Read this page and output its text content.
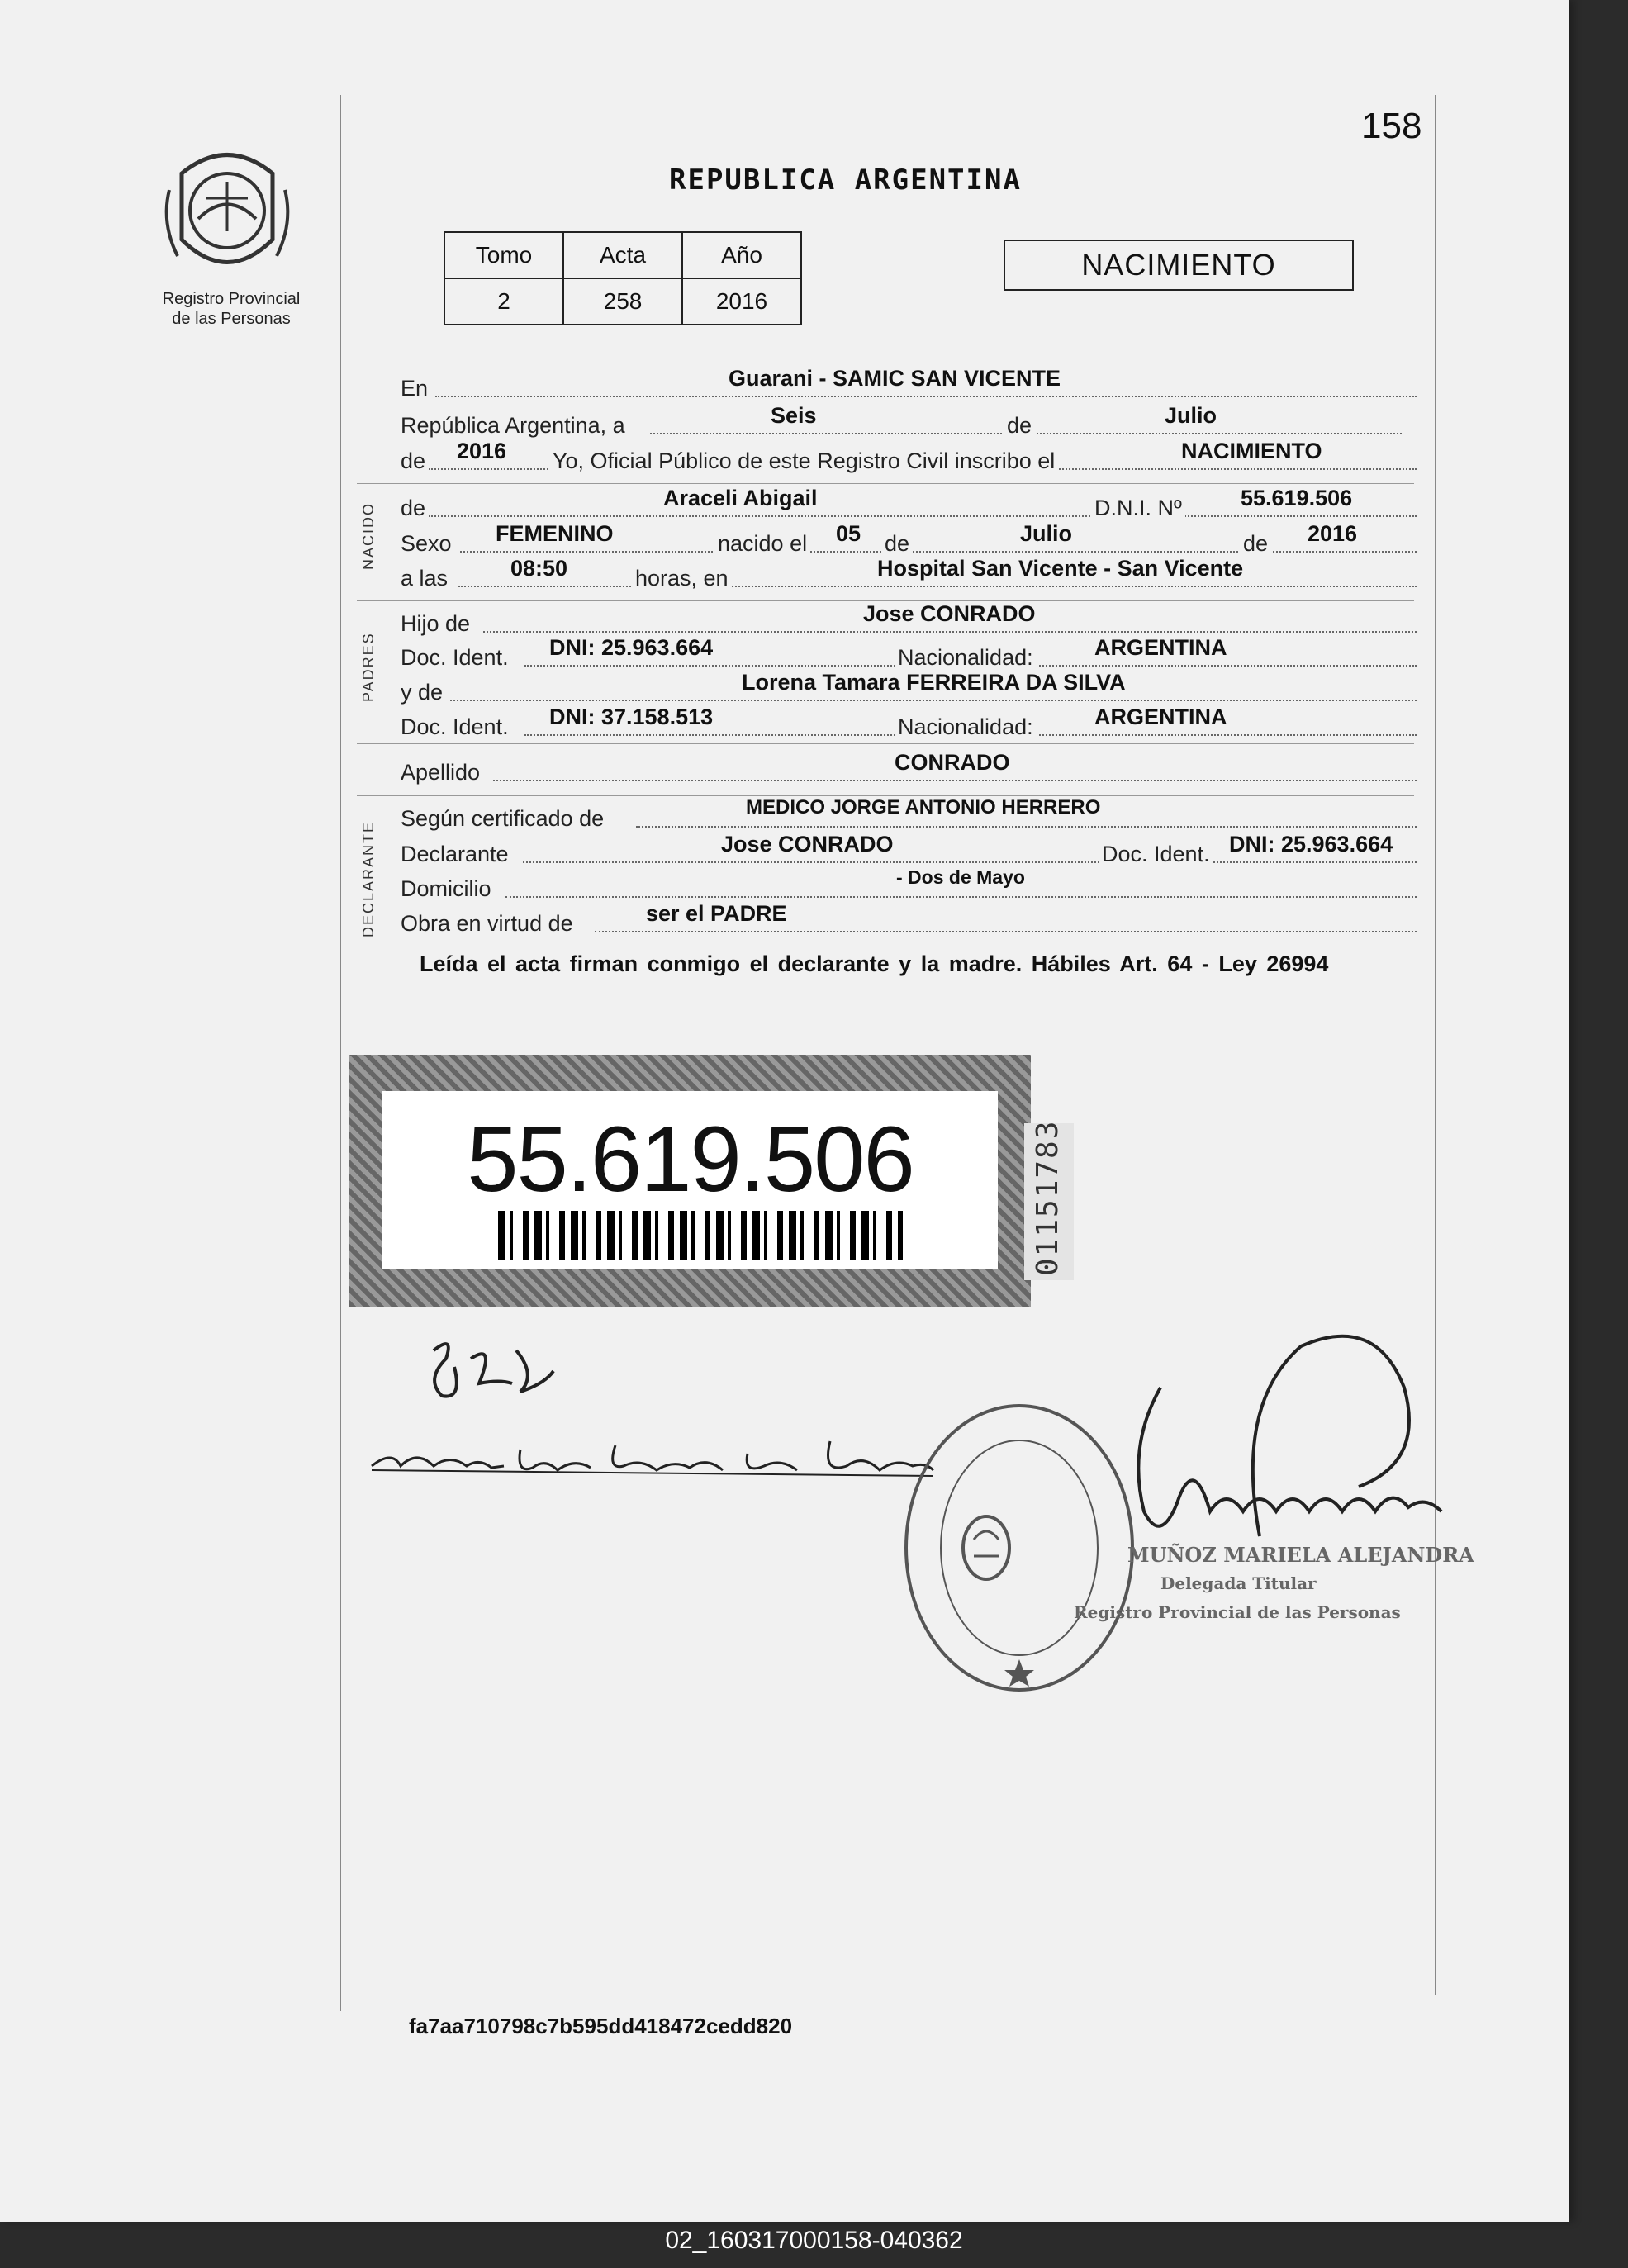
Registro Provincial
de las Personas
158
REPUBLICA ARGENTINA
Tomo	Acta	Año
2	258	2016
NACIMIENTO
En	Guarani - SAMIC SAN VICENTE
República Argentina, a	Seis	de	Julio
de 2016 Yo, Oficial Público de este Registro Civil inscribo el	NACIMIENTO
NACIDO de	Araceli Abigail	D.N.I. Nº	55.619.506
Sexo FEMENINO	nacido el 05 de	Julio	de 2016
a las	08:50	horas, en	Hospital San Vicente - San Vicente
PADRES
Hijo de	Jose CONRADO
Doc. Ident. DNI: 25.963.664	Nacionalidad:	ARGENTINA
y de	Lorena Tamara FERREIRA DA SILVA
Doc. Ident. DNI: 37.158.513	Nacionalidad:	ARGENTINA
Apellido	CONRADO
DECLARANTE
Según certificado de	MEDICO JORGE ANTONIO HERRERO
Declarante	Jose CONRADO	Doc. Ident. DNI: 25.963.664
Domicilio	- Dos de Mayo
Obra en virtud de	ser el PADRE
Leída el acta firman conmigo el declarante y la madre. Hábiles Art. 64 - Ley 26994
55.619.506	01151783
MUÑOZ MARIELA ALEJANDRA
Delegada Titular
Registro Provincial de las Personas
fa7aa710798c7b595dd418472cedd820
02_160317000158-040362
